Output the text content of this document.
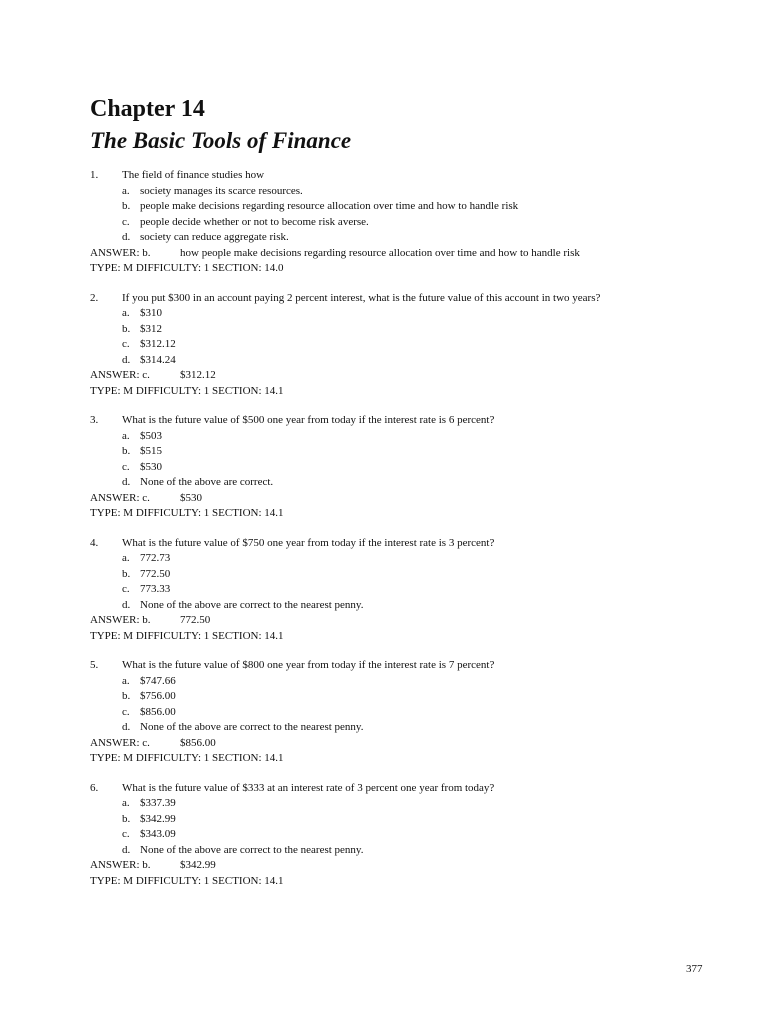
Chapter 14
The Basic Tools of Finance
1.	The field of finance studies how
a. society manages its scarce resources.
b. people make decisions regarding resource allocation over time and how to handle risk
c. people decide whether or not to become risk averse.
d. society can reduce aggregate risk.
ANSWER: b.	how people make decisions regarding resource allocation over time and how to handle risk
TYPE: M DIFFICULTY: 1 SECTION: 14.0
2.	If you put $300 in an account paying 2 percent interest, what is the future value of this account in two years?
a. $310
b. $312
c. $312.12
d. $314.24
ANSWER: c.	$312.12
TYPE: M DIFFICULTY: 1 SECTION: 14.1
3.	What is the future value of $500 one year from today if the interest rate is 6 percent?
a. $503
b. $515
c. $530
d. None of the above are correct.
ANSWER: c.	$530
TYPE: M DIFFICULTY: 1 SECTION: 14.1
4.	What is the future value of $750 one year from today if the interest rate is 3 percent?
a. 772.73
b. 772.50
c. 773.33
d. None of the above are correct to the nearest penny.
ANSWER: b.	772.50
TYPE: M DIFFICULTY: 1 SECTION: 14.1
5.	What is the future value of $800 one year from today if the interest rate is 7 percent?
a. $747.66
b. $756.00
c. $856.00
d. None of the above are correct to the nearest penny.
ANSWER: c.	$856.00
TYPE: M DIFFICULTY: 1 SECTION: 14.1
6.	What is the future value of $333 at an interest rate of 3 percent one year from today?
a. $337.39
b. $342.99
c. $343.09
d. None of the above are correct to the nearest penny.
ANSWER: b.	$342.99
TYPE: M DIFFICULTY: 1 SECTION: 14.1
377
